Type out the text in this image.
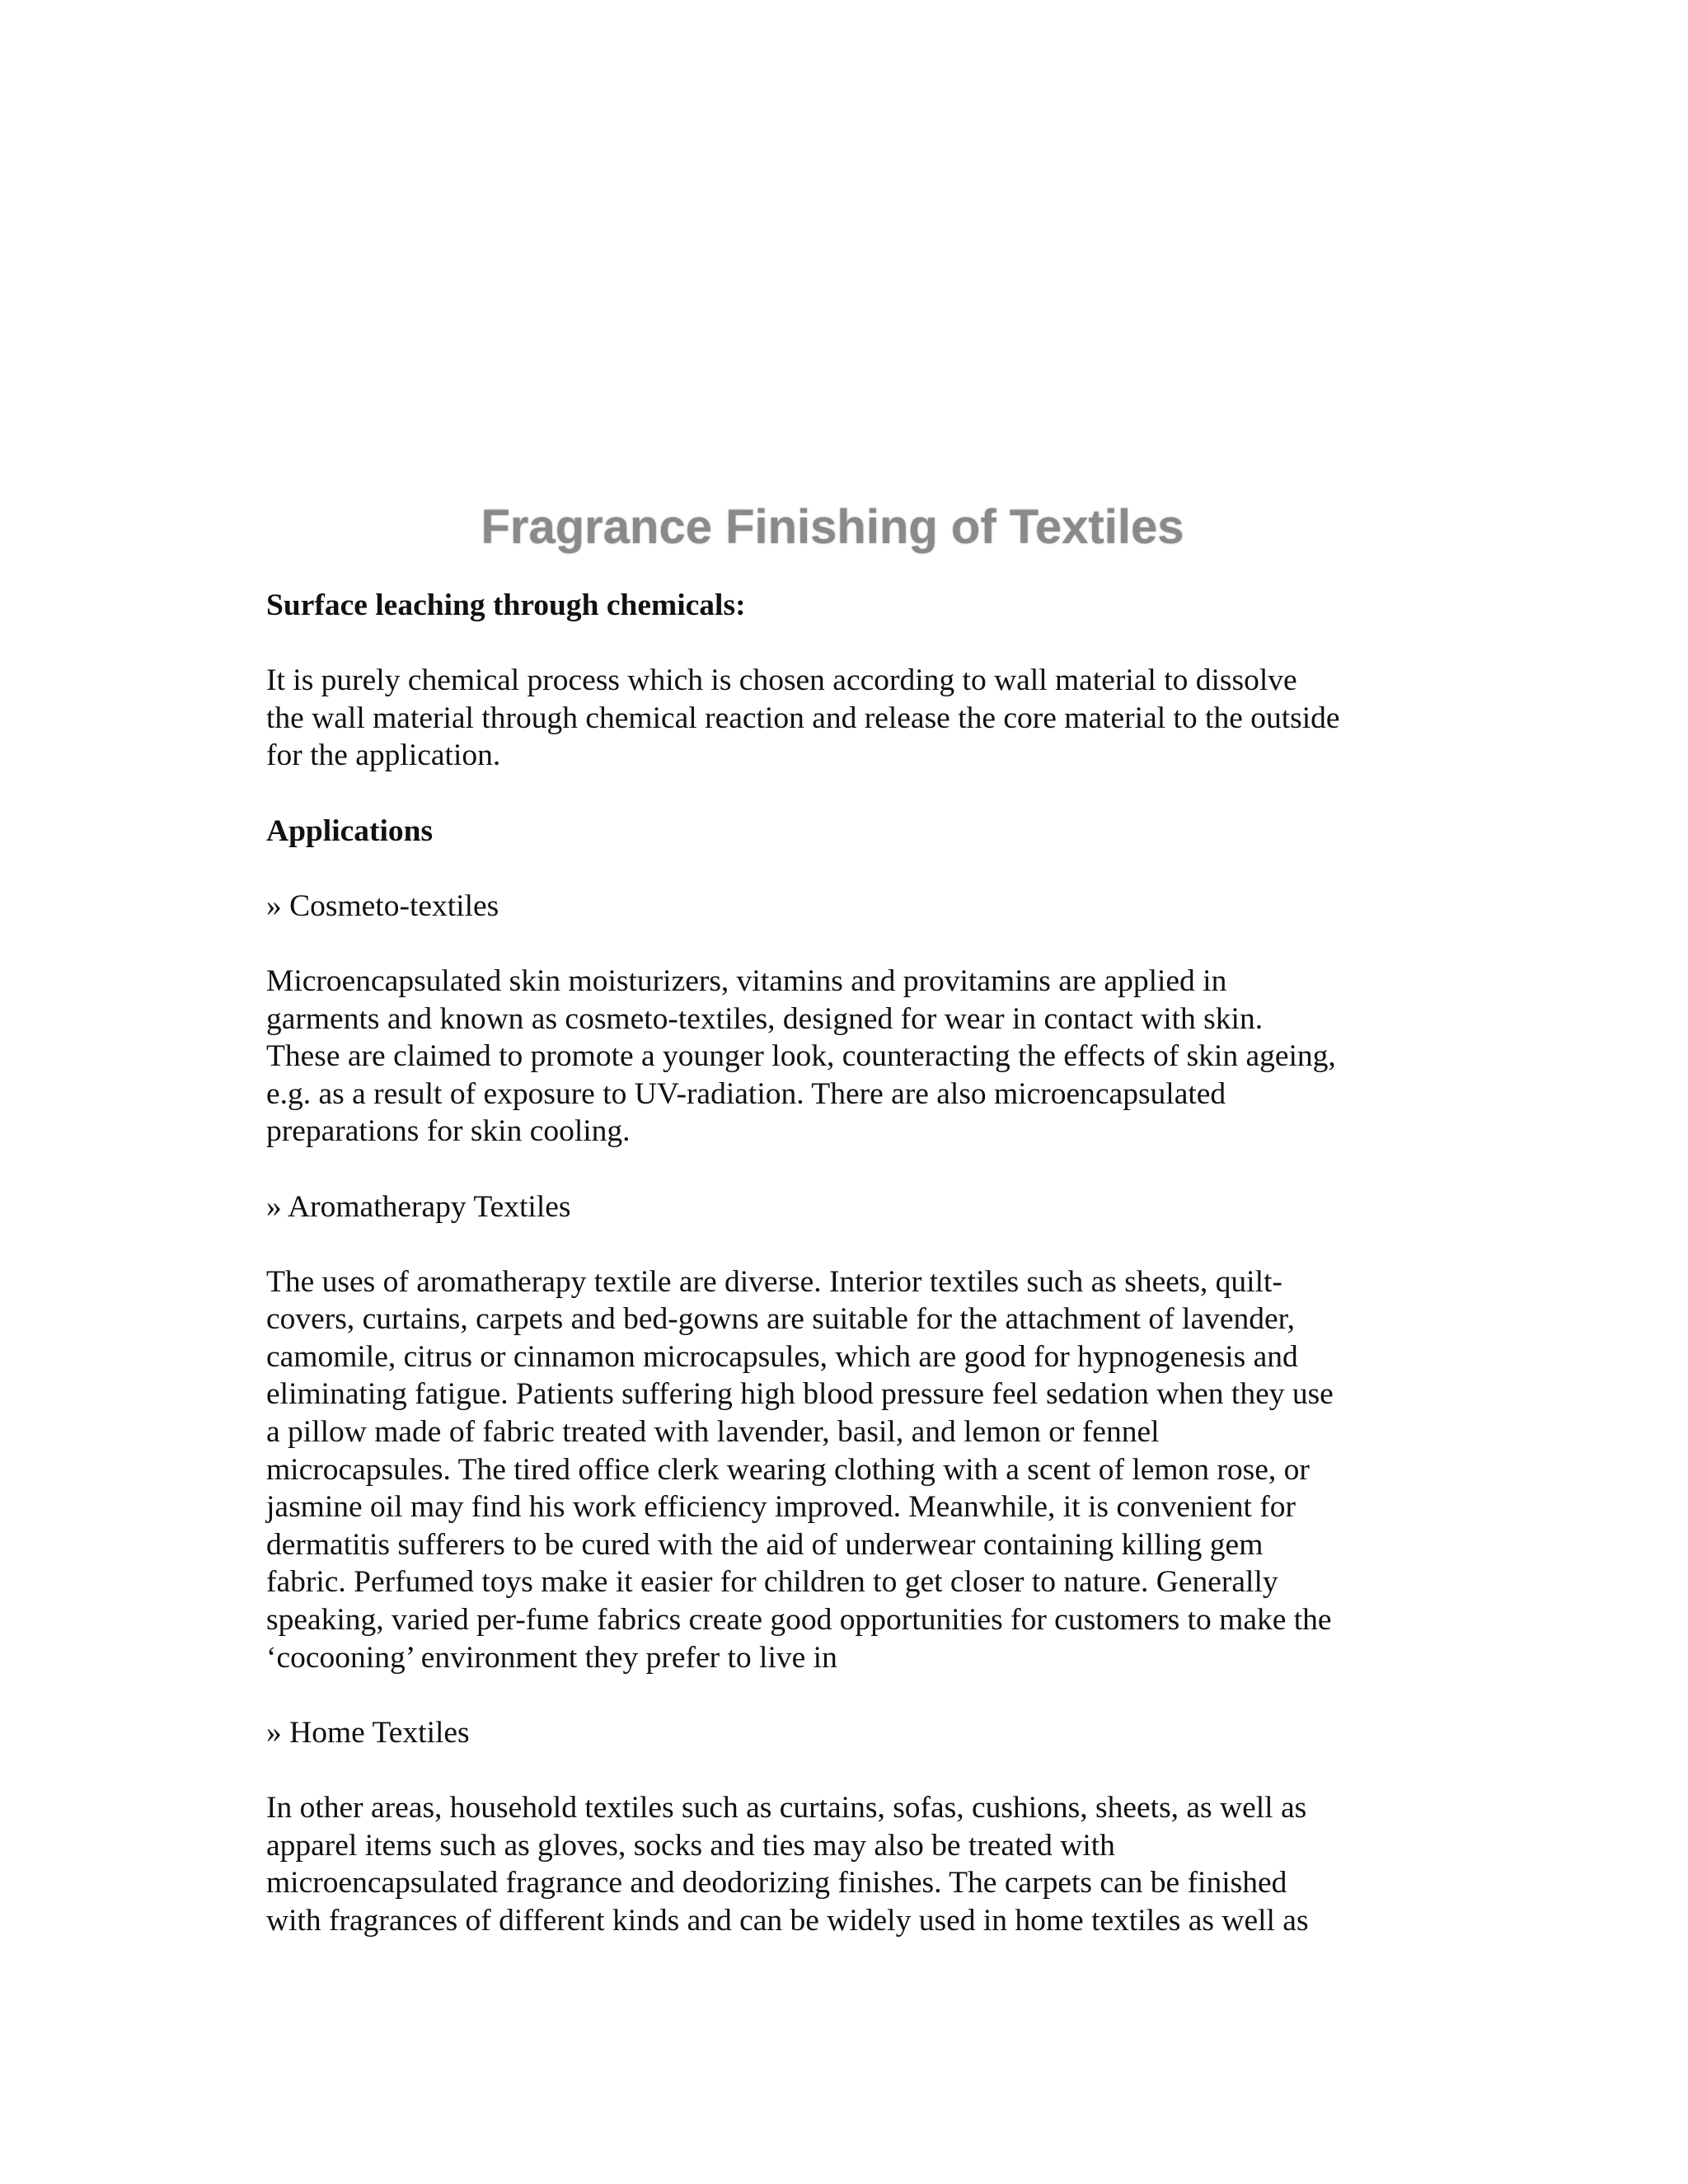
Fragrance Finishing of Textiles

Surface leaching through chemicals:

It is purely chemical process which is chosen according to wall material to dissolve
the wall material through chemical reaction and release the core material to the outside
for the application.

Applications

» Cosmeto-textiles

Microencapsulated skin moisturizers, vitamins and provitamins are applied in
garments and known as cosmeto-textiles, designed for wear in contact with skin.
These are claimed to promote a younger look, counteracting the effects of skin ageing,
e.g. as a result of exposure to UV-radiation. There are also microencapsulated
preparations for skin cooling.

» Aromatherapy Textiles

The uses of aromatherapy textile are diverse. Interior textiles such as sheets, quilt-
covers, curtains, carpets and bed-gowns are suitable for the attachment of lavender,
camomile, citrus or cinnamon microcapsules, which are good for hypnogenesis and
eliminating fatigue. Patients suffering high blood pressure feel sedation when they use
a pillow made of fabric treated with lavender, basil, and lemon or fennel
microcapsules. The tired office clerk wearing clothing with a scent of lemon rose, or
jasmine oil may find his work efficiency improved. Meanwhile, it is convenient for
dermatitis sufferers to be cured with the aid of underwear containing killing gem
fabric. Perfumed toys make it easier for children to get closer to nature. Generally
speaking, varied per-fume fabrics create good opportunities for customers to make the
‘cocooning’ environment they prefer to live in

» Home Textiles

In other areas, household textiles such as curtains, sofas, cushions, sheets, as well as
apparel items such as gloves, socks and ties may also be treated with
microencapsulated fragrance and deodorizing finishes. The carpets can be finished
with fragrances of different kinds and can be widely used in home textiles as well as
